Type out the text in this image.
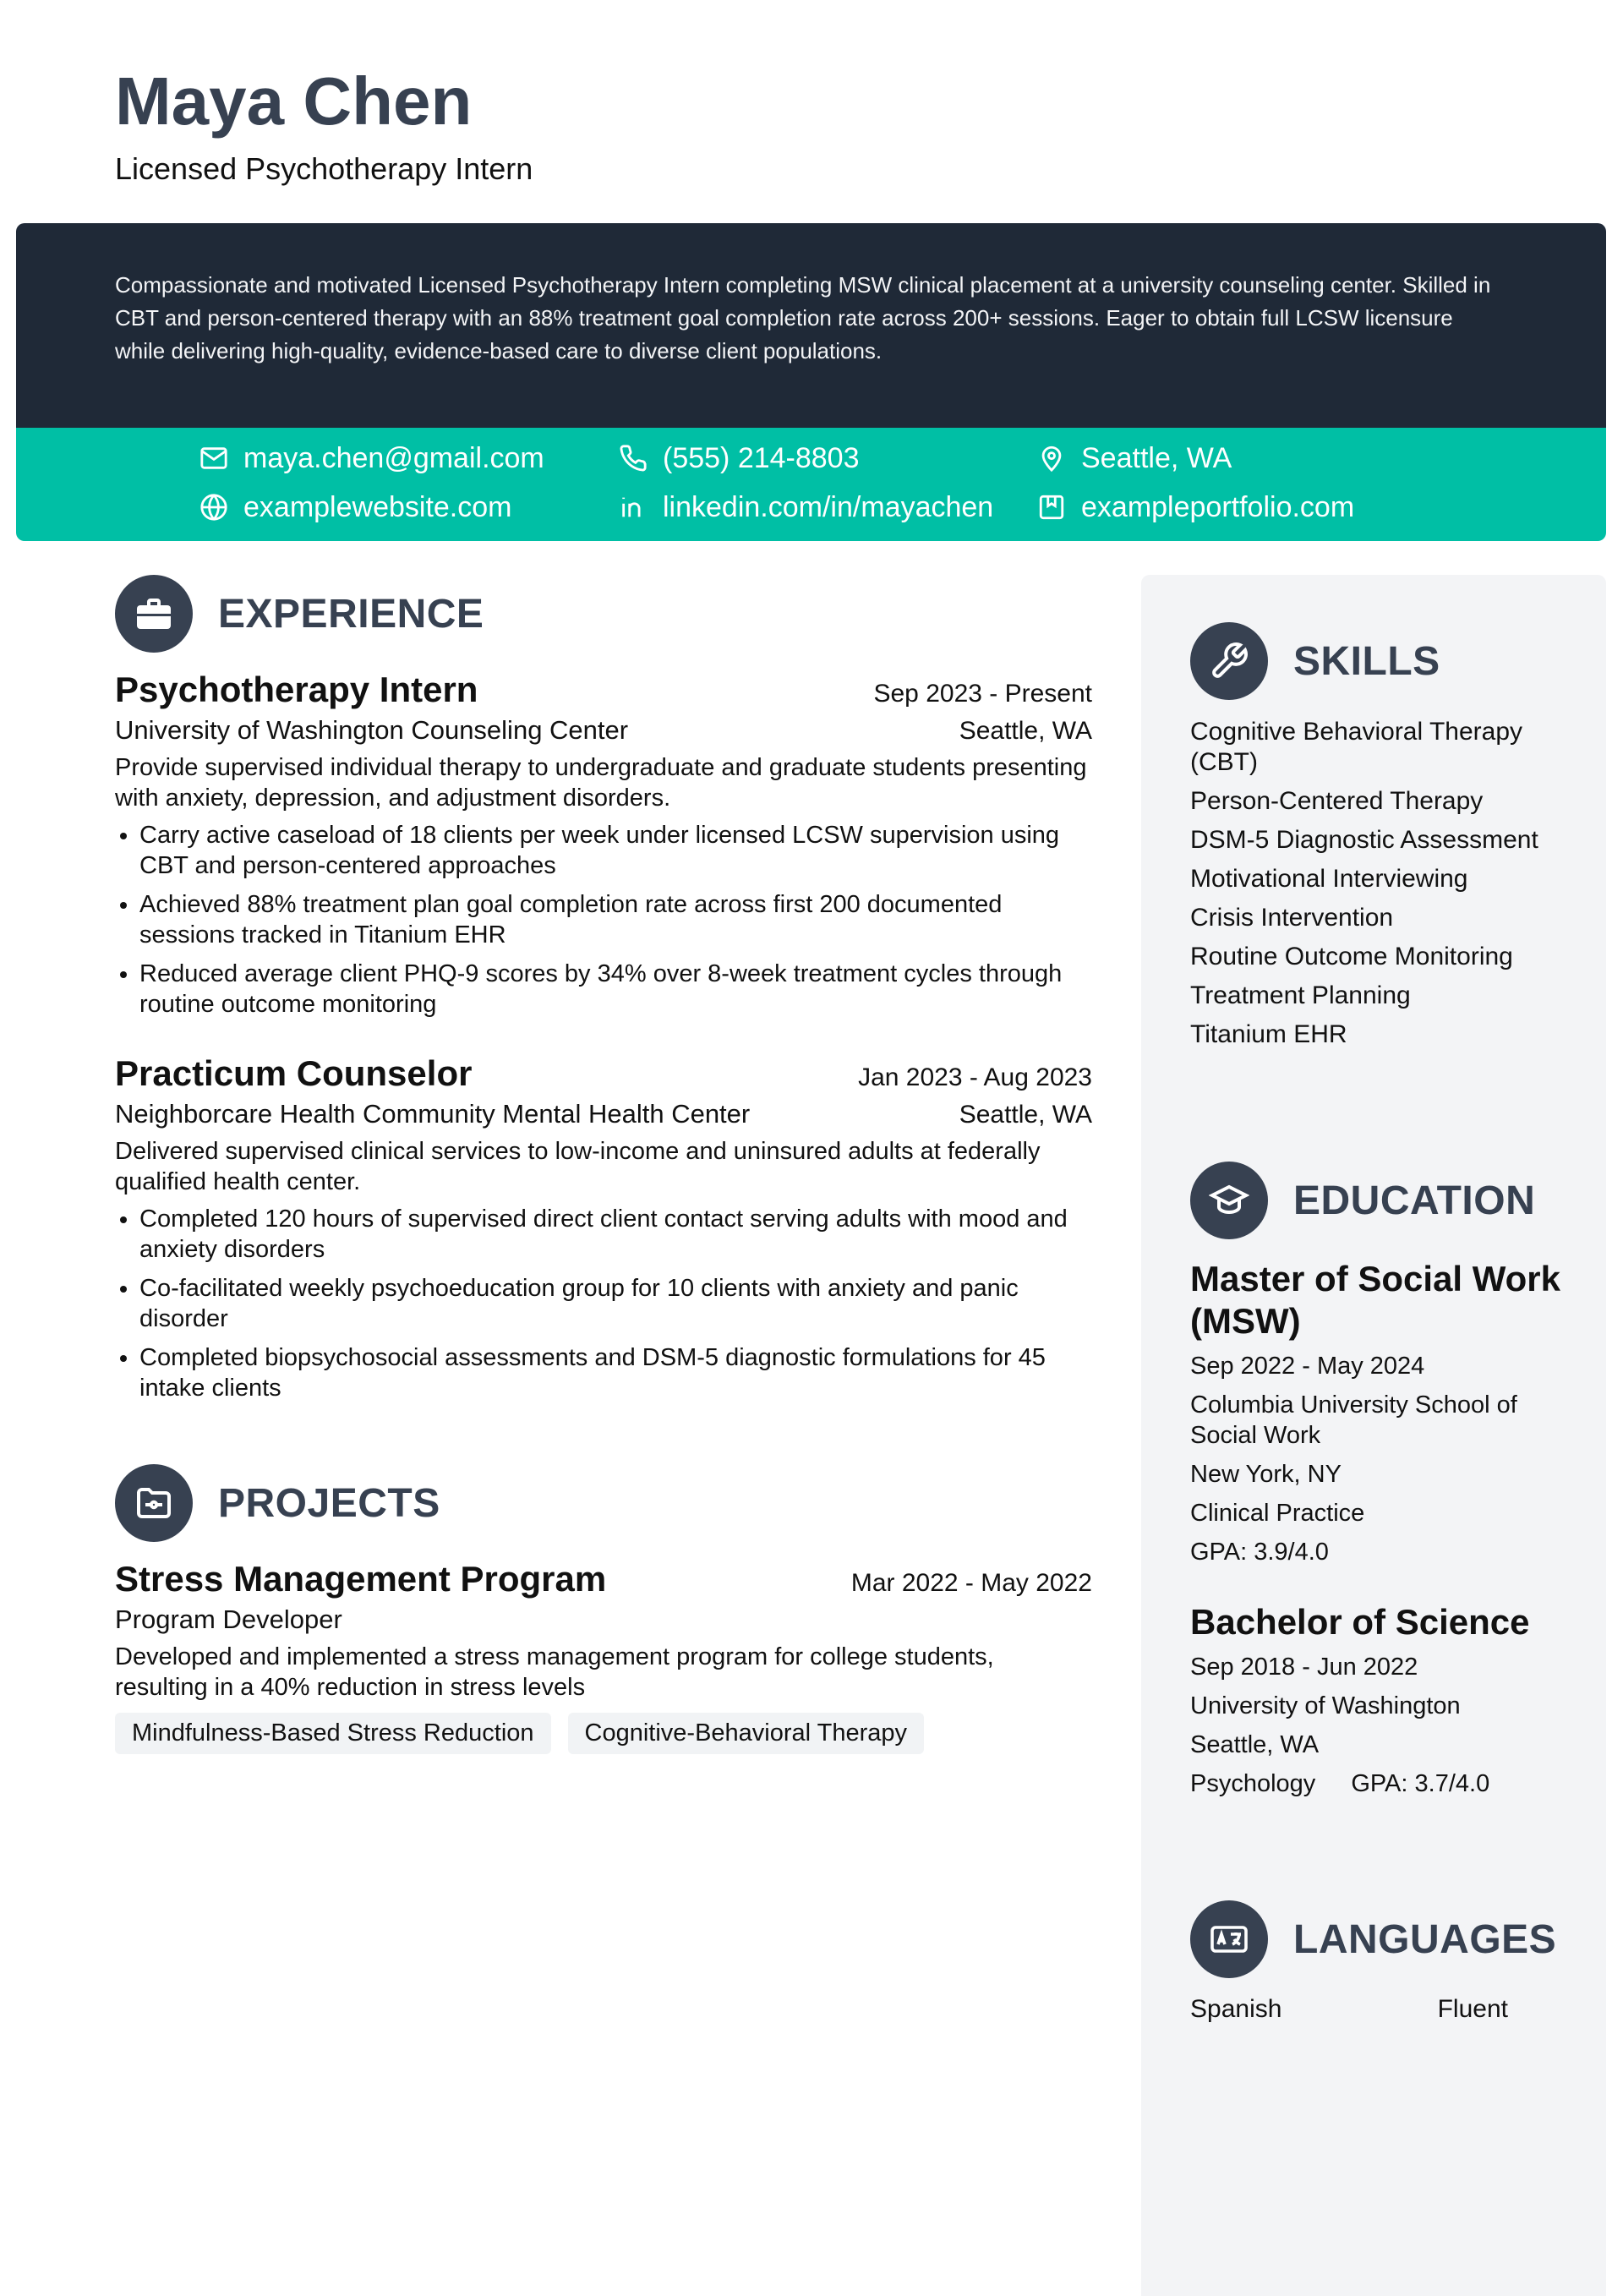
Maya Chen
Licensed Psychotherapy Intern
Compassionate and motivated Licensed Psychotherapy Intern completing MSW clinical placement at a university counseling center. Skilled in CBT and person-centered therapy with an 88% treatment goal completion rate across 200+ sessions. Eager to obtain full LCSW licensure while delivering high-quality, evidence-based care to diverse client populations.
maya.chen@gmail.com	(555) 214-8803	Seattle, WA
examplewebsite.com	linkedin.com/in/mayachen	exampleportfolio.com
EXPERIENCE
Psychotherapy Intern	Sep 2023 - Present
University of Washington Counseling Center	Seattle, WA
Provide supervised individual therapy to undergraduate and graduate students presenting with anxiety, depression, and adjustment disorders.
• Carry active caseload of 18 clients per week under licensed LCSW supervision using CBT and person-centered approaches
• Achieved 88% treatment plan goal completion rate across first 200 documented sessions tracked in Titanium EHR
• Reduced average client PHQ-9 scores by 34% over 8-week treatment cycles through routine outcome monitoring
Practicum Counselor	Jan 2023 - Aug 2023
Neighborcare Health Community Mental Health Center	Seattle, WA
Delivered supervised clinical services to low-income and uninsured adults at federally qualified health center.
• Completed 120 hours of supervised direct client contact serving adults with mood and anxiety disorders
• Co-facilitated weekly psychoeducation group for 10 clients with anxiety and panic disorder
• Completed biopsychosocial assessments and DSM-5 diagnostic formulations for 45 intake clients
PROJECTS
Stress Management Program	Mar 2022 - May 2022
Program Developer
Developed and implemented a stress management program for college students, resulting in a 40% reduction in stress levels
Mindfulness-Based Stress Reduction	Cognitive-Behavioral Therapy
SKILLS
Cognitive Behavioral Therapy (CBT)
Person-Centered Therapy
DSM-5 Diagnostic Assessment
Motivational Interviewing
Crisis Intervention
Routine Outcome Monitoring
Treatment Planning
Titanium EHR
EDUCATION
Master of Social Work (MSW)
Sep 2022 - May 2024
Columbia University School of Social Work
New York, NY
Clinical Practice
GPA: 3.9/4.0
Bachelor of Science
Sep 2018 - Jun 2022
University of Washington
Seattle, WA
Psychology GPA: 3.7/4.0
LANGUAGES
Spanish	Fluent
